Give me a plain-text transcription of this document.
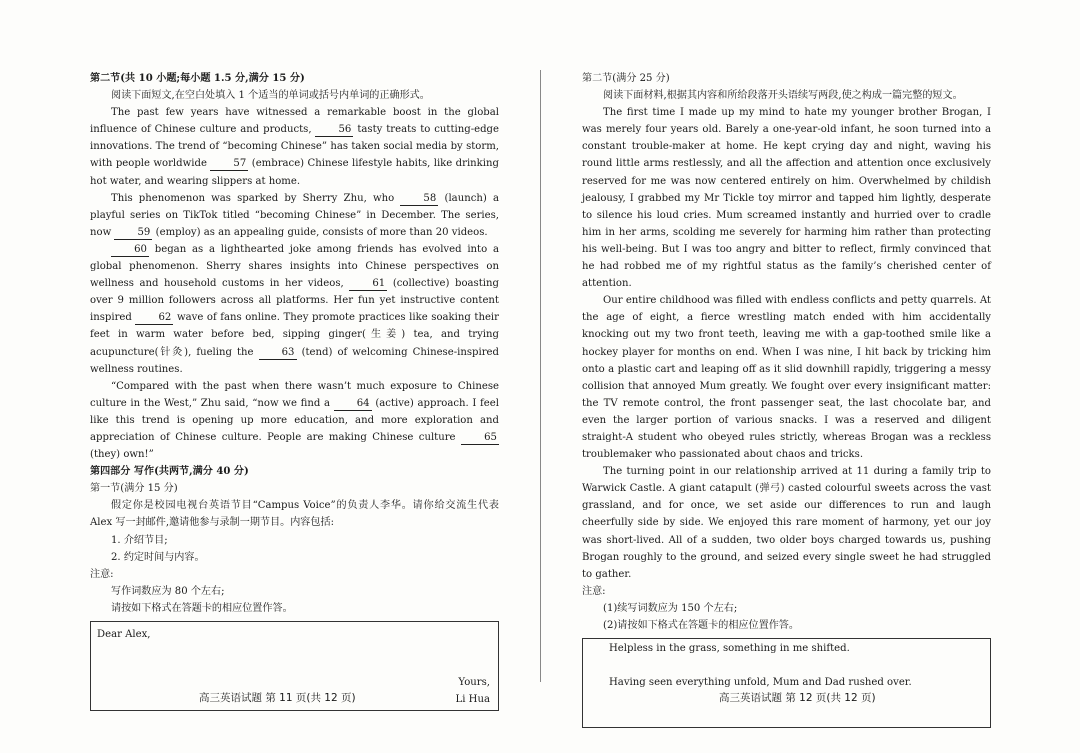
第二节(共 10 小题;每小题 1.5 分,满分 15 分)

阅读下面短文,在空白处填入 1 个适当的单词或括号内单词的正确形式。

The past few years have witnessed a remarkable boost in the global influence of Chinese culture and products,	56 tasty treats to cutting-edge innovations. The trend of “becoming Chinese” has taken social media by storm, with people worldwide	57 (embrace) Chinese lifestyle habits, like drinking hot water, and wearing slippers at home.

This phenomenon was sparked by Sherry Zhu, who	58 (launch) a playful series on TikTok titled “becoming Chinese” in December. The series, now	59 (employ) as an appealing guide, consists of more than 20 videos.

60 began as a lighthearted joke among friends has evolved into a global phenomenon. Sherry shares insights into Chinese perspectives on wellness and household customs in her videos,	61 (collective) boasting over 9 million followers across all platforms. Her fun yet instructive content inspired	62 wave of fans online. They promote practices like soaking their feet in warm water before bed, sipping ginger(生姜) tea, and trying acupuncture(针灸), fueling the	63 (tend) of welcoming Chinese-inspired wellness routines.

“Compared with the past when there wasn’t much exposure to Chinese culture in the West,” Zhu said, “now we find a	64 (active) approach. I feel like this trend is opening up more education, and more exploration and appreciation of Chinese culture. People are making Chinese culture	65 (they) own!”

第四部分 写作(共两节,满分 40 分)

第一节(满分 15 分)

假定你是校园电视台英语节目“Campus Voice”的负责人李华。请你给交流生代表 Alex 写一封邮件,邀请他参与录制一期节目。内容包括:

1. 介绍节目;

2. 约定时间与内容。

注意:

写作词数应为 80 个左右;

请按如下格式在答题卡的相应位置作答。

Dear Alex,
Yours,
Li Hua

第二节(满分 25 分)

阅读下面材料,根据其内容和所给段落开头语续写两段,使之构成一篇完整的短文。

The first time I made up my mind to hate my younger brother Brogan, I was merely four years old. Barely a one-year-old infant, he soon turned into a constant trouble-maker at home. He kept crying day and night, waving his round little arms restlessly, and all the affection and attention once exclusively reserved for me was now centered entirely on him. Overwhelmed by childish jealousy, I grabbed my Mr Tickle toy mirror and tapped him lightly, desperate to silence his loud cries. Mum screamed instantly and hurried over to cradle him in her arms, scolding me severely for harming him rather than protecting his well-being. But I was too angry and bitter to reflect, firmly convinced that he had robbed me of my rightful status as the family’s cherished center of attention.

Our entire childhood was filled with endless conflicts and petty quarrels. At the age of eight, a fierce wrestling match ended with him accidentally knocking out my two front teeth, leaving me with a gap-toothed smile like a hockey player for months on end. When I was nine, I hit back by tricking him onto a plastic cart and leaping off as it slid downhill rapidly, triggering a messy collision that annoyed Mum greatly. We fought over every insignificant matter: the TV remote control, the front passenger seat, the last chocolate bar, and even the larger portion of various snacks. I was a reserved and diligent straight-A student who obeyed rules strictly, whereas Brogan was a reckless troublemaker who passionated about chaos and tricks.

The turning point in our relationship arrived at 11 during a family trip to Warwick Castle. A giant catapult (弹弓) casted colourful sweets across the vast grassland, and for once, we set aside our differences to run and laugh cheerfully side by side. We enjoyed this rare moment of harmony, yet our joy was short-lived. All of a sudden, two older boys charged towards us, pushing Brogan roughly to the ground, and seized every single sweet he had struggled to gather.

注意:

(1)续写词数应为 150 个左右;

(2)请按如下格式在答题卡的相应位置作答。

Helpless in the grass, something in me shifted.
Having seen everything unfold, Mum and Dad rushed over.
高三英语试题 第 11 页(共 12 页)	高三英语试题 第 12 页(共 12 页)
